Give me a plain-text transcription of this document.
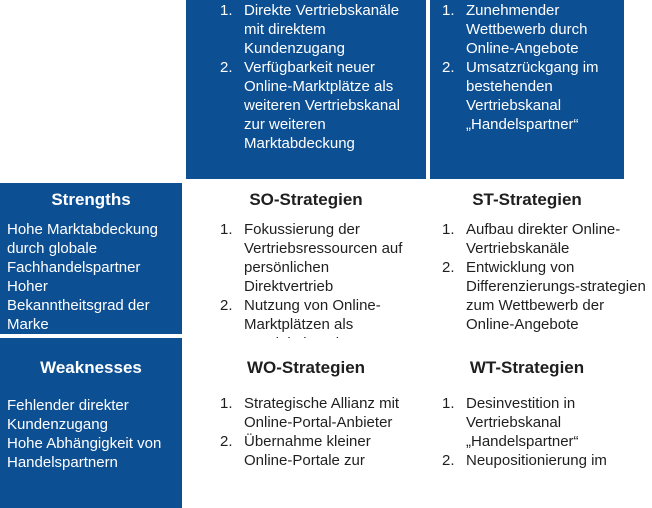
1. Direkte Vertriebskanäle mit direktem Kundenzugang
2. Verfügbarkeit neuer Online-Marktplätze als weiteren Vertriebskanal zur weiteren Marktabdeckung
1. Zunehmender Wettbewerb durch Online-Angebote
2. Umsatzrückgang im bestehenden Vertriebskanal „Handelspartner“
Strengths
Hohe Marktabdeckung
durch globale
Fachhandelspartner
Hoher
Bekanntheitsgrad der
Marke
SO-Strategien
1. Fokussierung der Vertriebsressourcen auf persönlichen Direktvertrieb
2. Nutzung von Online-Marktplätzen als
ST-Strategien
1. Aufbau direkter Online-Vertriebskanäle
2. Entwicklung von Differenzierungs-strategien zum Wettbewerb der Online-Angebote
Weaknesses
Fehlender direkter
Kundenzugang
Hohe Abhängigkeit von
Handelspartnern
WO-Strategien
1. Strategische Allianz mit Online-Portal-Anbieter
2. Übernahme kleiner Online-Portale zur
WT-Strategien
1. Desinvestition in Vertriebskanal „Handelspartner“
2. Neupositionierung im
